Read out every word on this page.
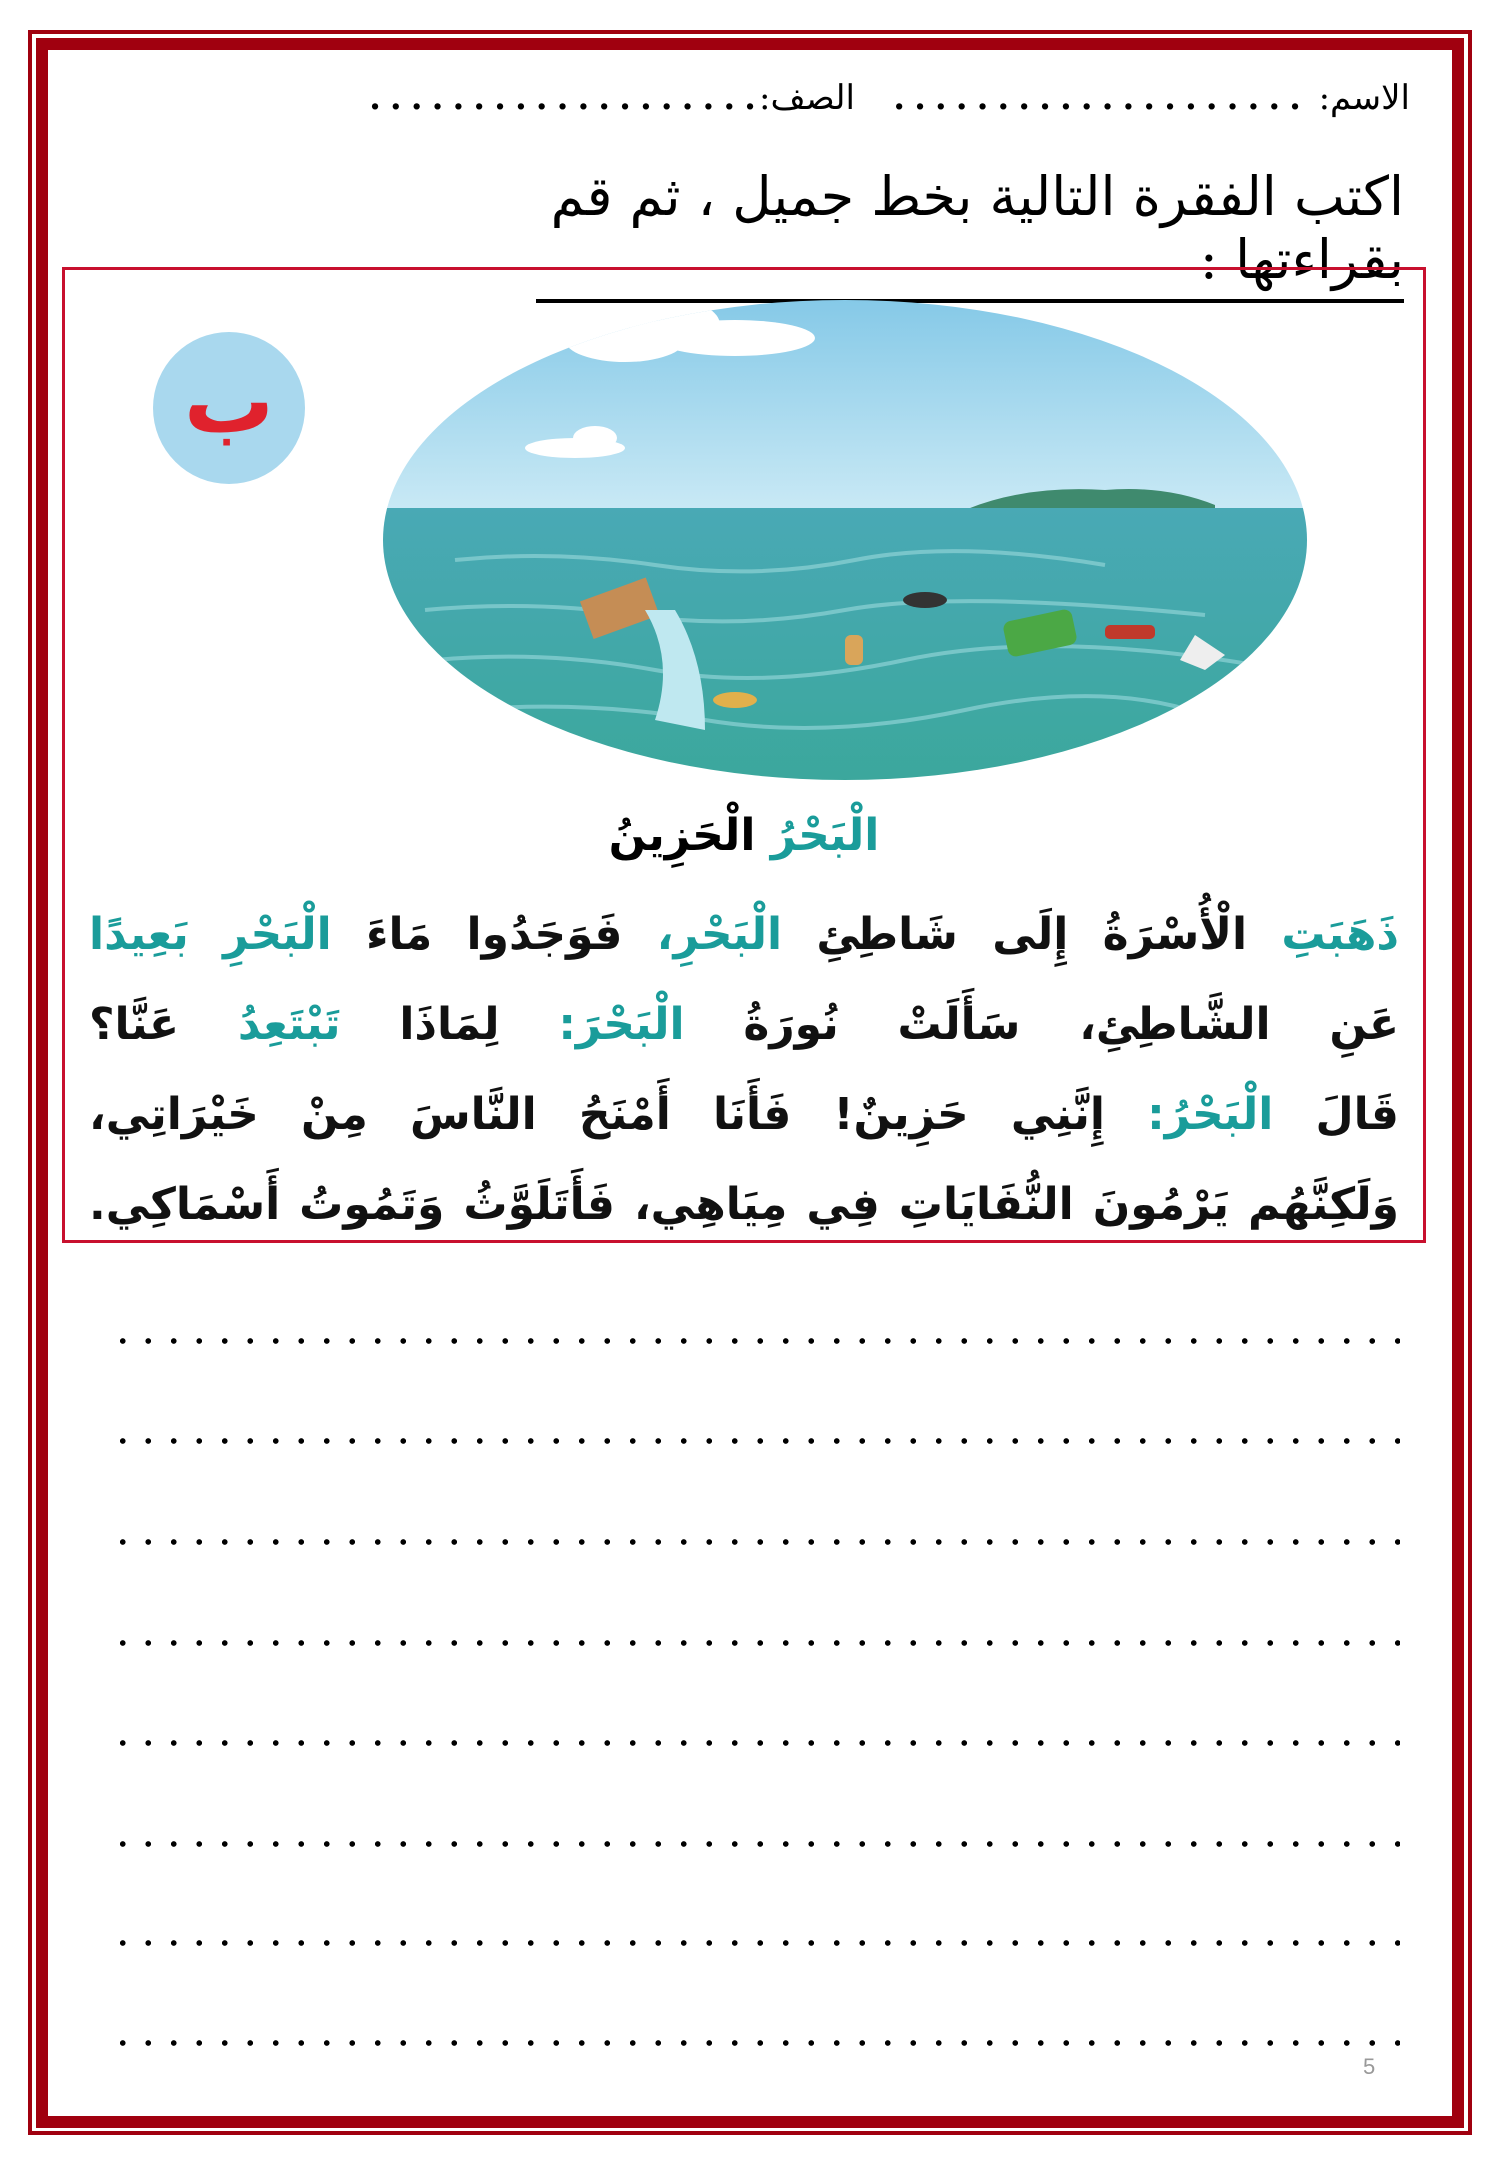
الاسم:
....................
الصف:
...................
اكتب الفقرة التالية بخط جميل ، ثم قم بقراءتها :
ب
الْبَحْرُ الْحَزِينُ
ذَهَبَتِ الْأُسْرَةُ إِلَى شَاطِئِ الْبَحْرِ، فَوَجَدُوا مَاءَ الْبَحْرِ بَعِيدًا
عَنِ الشَّاطِئِ، سَأَلَتْ نُورَةُ الْبَحْرَ: لِمَاذَا تَبْتَعِدُ عَنَّا؟
قَالَ الْبَحْرُ: إِنَّنِي حَزِينٌ! فَأَنَا أَمْنَحُ النَّاسَ مِنْ خَيْرَاتِي،
وَلَكِنَّهُم يَرْمُونَ النُّفَايَاتِ فِي مِيَاهِي، فَأَتَلَوَّثُ وَتَمُوتُ أَسْمَاكِي.
5
